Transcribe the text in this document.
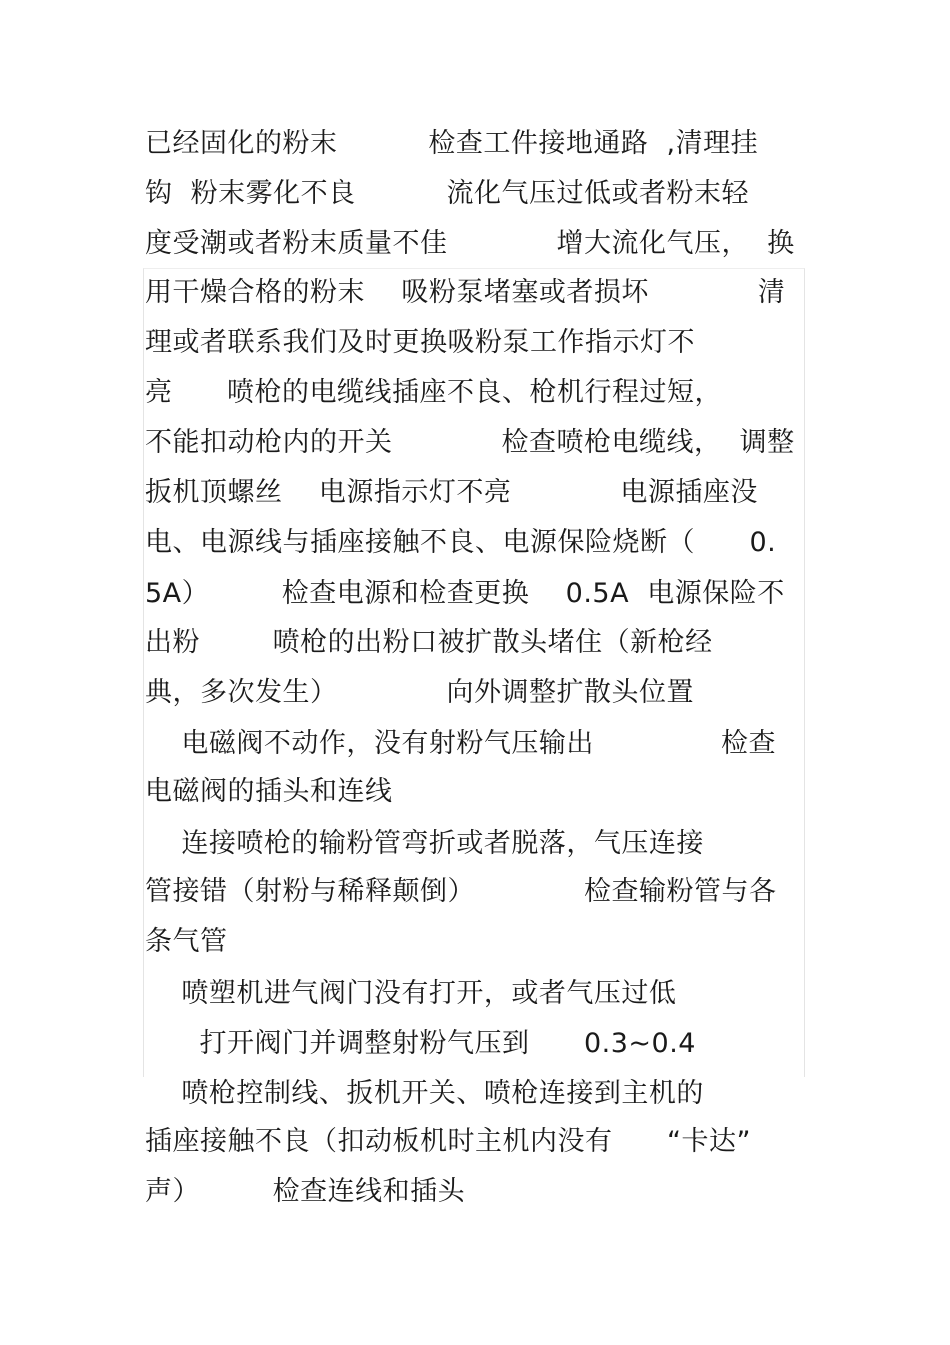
已经固化的粉末          检查工件接地通路  ,清理挂
钩  粉末雾化不良          流化气压过低或者粉末轻
度受潮或者粉末质量不佳            增大流化气压，  换
用干燥合格的粉末    吸粉泵堵塞或者损坏            清
理或者联系我们及时更换吸粉泵工作指示灯不
亮      喷枪的电缆线插座不良、枪机行程过短，
不能扣动枪内的开关            检查喷枪电缆线，  调整
扳机顶螺丝    电源指示灯不亮            电源插座没
电、电源线与插座接触不良、电源保险烧断（      0.
5A）        检查电源和检查更换    0.5A  电源保险不
出粉        喷枪的出粉口被扩散头堵住（新枪经
典，多次发生）            向外调整扩散头位置
电磁阀不动作，没有射粉气压输出              检查
电磁阀的插头和连线
连接喷枪的输粉管弯折或者脱落，气压连接
管接错（射粉与稀释颠倒）            检查输粉管与各
条气管
喷塑机进气阀门没有打开，或者气压过低
打开阀门并调整射粉气压到      0.3~0.4
喷枪控制线、扳机开关、喷枪连接到主机的
插座接触不良（扣动板机时主机内没有      “卡达”
声）        检查连线和插头
